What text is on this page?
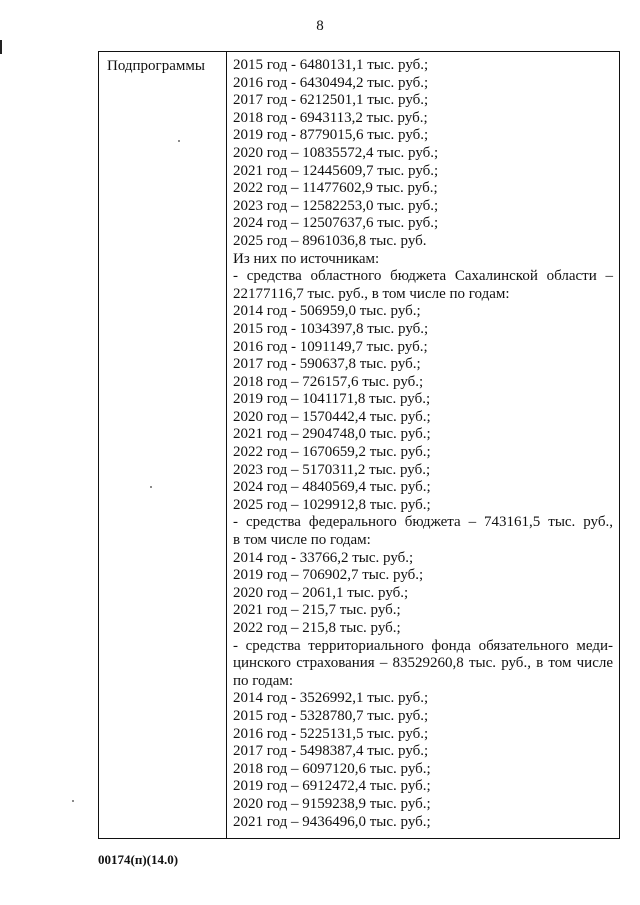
8
Подпрограммы	2015 год - 6480131,1 тыс. руб.;
2016 год - 6430494,2 тыс. руб.;
2017 год - 6212501,1 тыс. руб.;
2018 год - 6943113,2 тыс. руб.;
2019 год - 8779015,6 тыс. руб.;
2020 год – 10835572,4 тыс. руб.;
2021 год – 12445609,7 тыс. руб.;
2022 год – 11477602,9 тыс. руб.;
2023 год – 12582253,0 тыс. руб.;
2024 год – 12507637,6 тыс. руб.;
2025 год – 8961036,8 тыс. руб.
Из них по источникам:
- средства областного бюджета Сахалинской области –
22177116,7 тыс. руб., в том числе по годам:
2014 год - 506959,0 тыс. руб.;
2015 год - 1034397,8 тыс. руб.;
2016 год - 1091149,7 тыс. руб.;
2017 год - 590637,8 тыс. руб.;
2018 год – 726157,6 тыс. руб.;
2019 год – 1041171,8 тыс. руб.;
2020 год – 1570442,4 тыс. руб.;
2021 год – 2904748,0 тыс. руб.;
2022 год – 1670659,2 тыс. руб.;
2023 год – 5170311,2 тыс. руб.;
2024 год – 4840569,4 тыс. руб.;
2025 год – 1029912,8 тыс. руб.;
- средства федерального бюджета – 743161,5 тыс. руб.,
в том числе по годам:
2014 год - 33766,2 тыс. руб.;
2019 год – 706902,7 тыс. руб.;
2020 год – 2061,1 тыс. руб.;
2021 год – 215,7 тыс. руб.;
2022 год – 215,8 тыс. руб.;
- средства территориального фонда обязательного меди-
цинского страхования – 83529260,8 тыс. руб., в том числе
по годам:
2014 год - 3526992,1 тыс. руб.;
2015 год - 5328780,7 тыс. руб.;
2016 год - 5225131,5 тыс. руб.;
2017 год - 5498387,4 тыс. руб.;
2018 год – 6097120,6 тыс. руб.;
2019 год – 6912472,4 тыс. руб.;
2020 год – 9159238,9 тыс. руб.;
2021 год – 9436496,0 тыс. руб.;
00174(п)(14.0)
